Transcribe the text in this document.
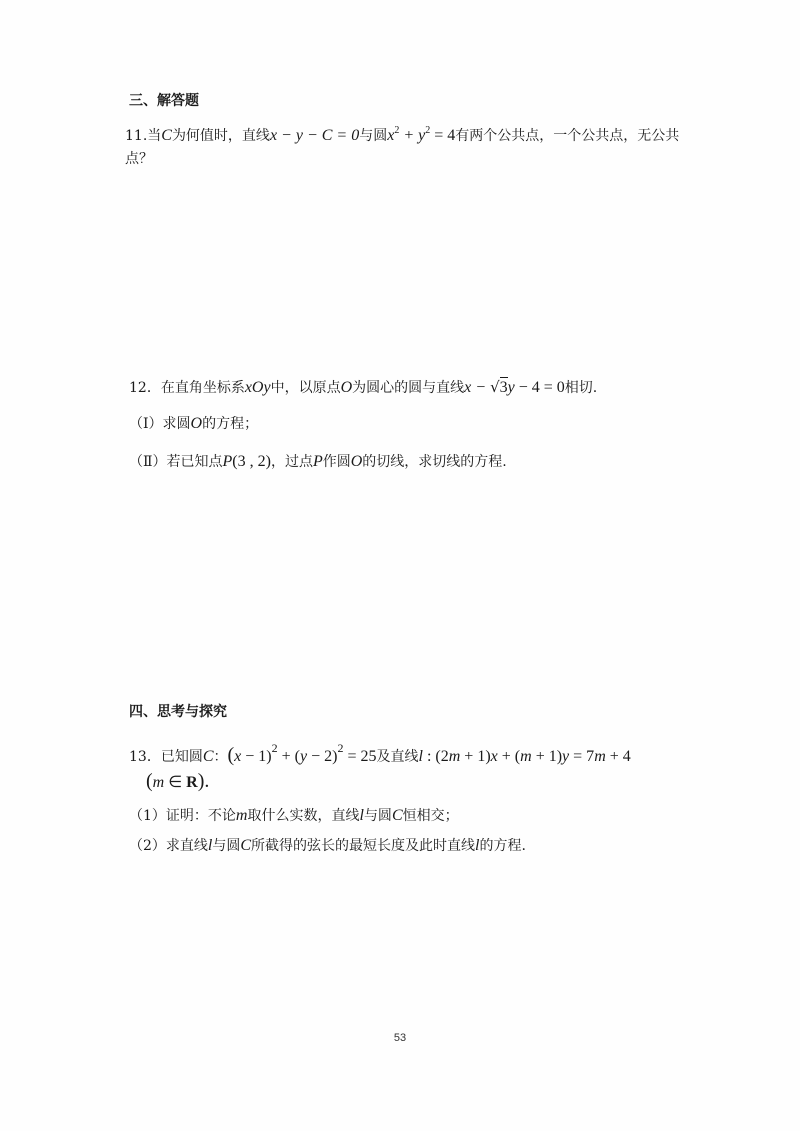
三、解答题
11.当C为何值时，直线x − y − C = 0与圆$x^2 + y^2 = 4$有两个公共点，一个公共点，无公共
点？
12．在直角坐标系xOy中，以原点O为圆心的圆与直线x − √3y − 4 = 0相切.
（Ⅰ）求圆O的方程；
（Ⅱ）若已知点P(3 , 2)，过点P作圆O的切线，求切线的方程.
四、思考与探究
13．已知圆C：(x − 1)2 + (y − 2)2 = 25及直线l : (2m + 1)x + (m + 1)y = 7m + 4
(m ∈ R).
（1）证明：不论m取什么实数，直线l与圆C恒相交；
（2）求直线l与圆C所截得的弦长的最短长度及此时直线l的方程.
53
